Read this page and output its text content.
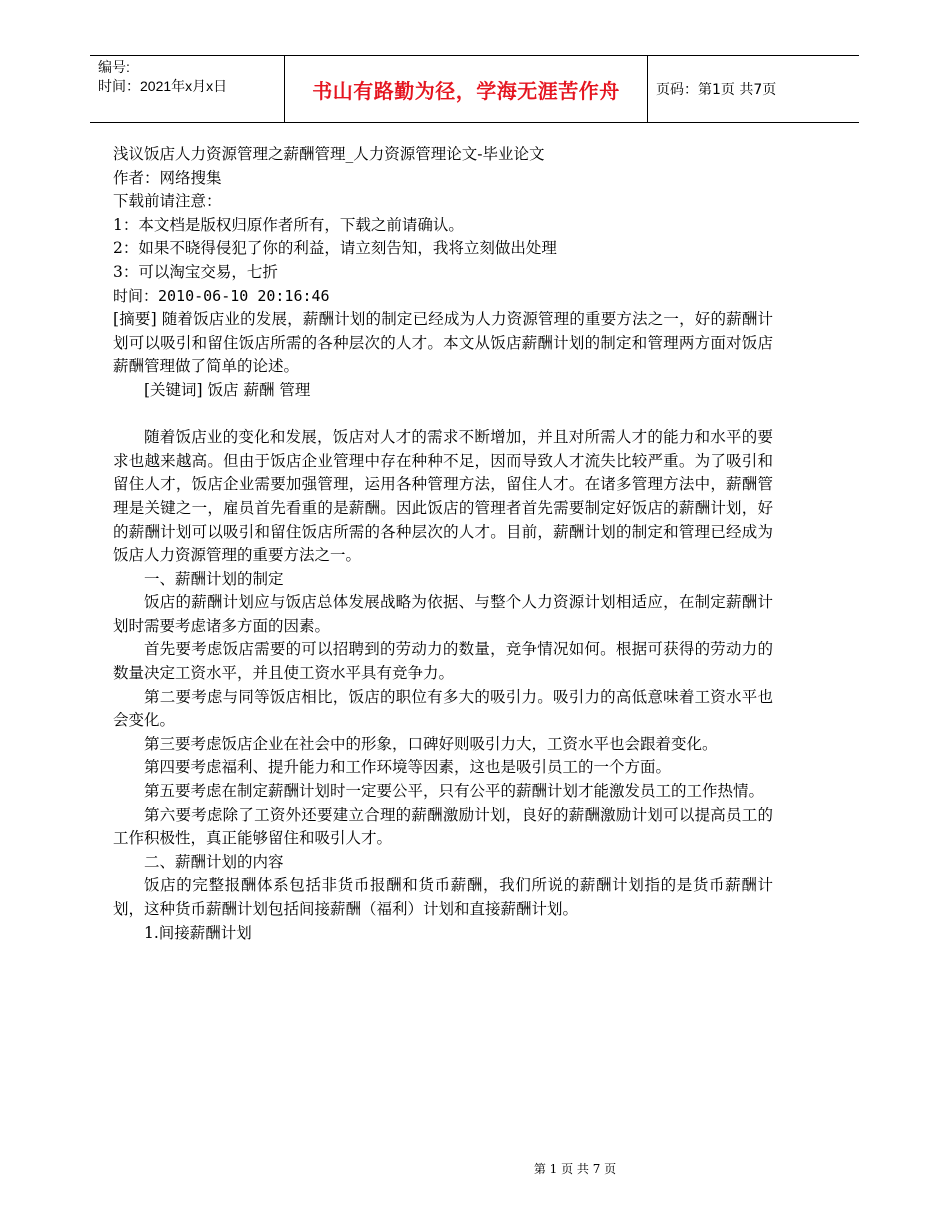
编号:
时间：2021年x月x日	书山有路勤为径，学海无涯苦作舟	页码：第1页 共7页
浅议饭店人力资源管理之薪酬管理_人力资源管理论文-毕业论文
作者：网络搜集
下载前请注意：
1：本文档是版权归原作者所有，下载之前请确认。
2：如果不晓得侵犯了你的利益，请立刻告知，我将立刻做出处理
3：可以淘宝交易，七折
时间：2010-06-10 20:16:46

[摘要] 随着饭店业的发展，薪酬计划的制定已经成为人力资源管理的重要方法之一，好的薪酬计划可以吸引和留住饭店所需的各种层次的人才。本文从饭店薪酬计划的制定和管理两方面对饭店薪酬管理做了简单的论述。

[关键词] 饭店 薪酬 管理

随着饭店业的变化和发展，饭店对人才的需求不断增加，并且对所需人才的能力和水平的要求也越来越高。但由于饭店企业管理中存在种种不足，因而导致人才流失比较严重。为了吸引和留住人才，饭店企业需要加强管理，运用各种管理方法，留住人才。在诸多管理方法中，薪酬管理是关键之一，雇员首先看重的是薪酬。因此饭店的管理者首先需要制定好饭店的薪酬计划，好的薪酬计划可以吸引和留住饭店所需的各种层次的人才。目前，薪酬计划的制定和管理已经成为饭店人力资源管理的重要方法之一。

一、薪酬计划的制定

饭店的薪酬计划应与饭店总体发展战略为依据、与整个人力资源计划相适应，在制定薪酬计划时需要考虑诸多方面的因素。

首先要考虑饭店需要的可以招聘到的劳动力的数量，竞争情况如何。根据可获得的劳动力的数量决定工资水平，并且使工资水平具有竞争力。

第二要考虑与同等饭店相比，饭店的职位有多大的吸引力。吸引力的高低意味着工资水平也会变化。

第三要考虑饭店企业在社会中的形象，口碑好则吸引力大，工资水平也会跟着变化。

第四要考虑福利、提升能力和工作环境等因素，这也是吸引员工的一个方面。

第五要考虑在制定薪酬计划时一定要公平，只有公平的薪酬计划才能激发员工的工作热情。

第六要考虑除了工资外还要建立合理的薪酬激励计划，良好的薪酬激励计划可以提高员工的工作积极性，真正能够留住和吸引人才。

二、薪酬计划的内容

饭店的完整报酬体系包括非货币报酬和货币薪酬，我们所说的薪酬计划指的是货币薪酬计划，这种货币薪酬计划包括间接薪酬（福利）计划和直接薪酬计划。

1.间接薪酬计划
第 1 页 共 7 页
